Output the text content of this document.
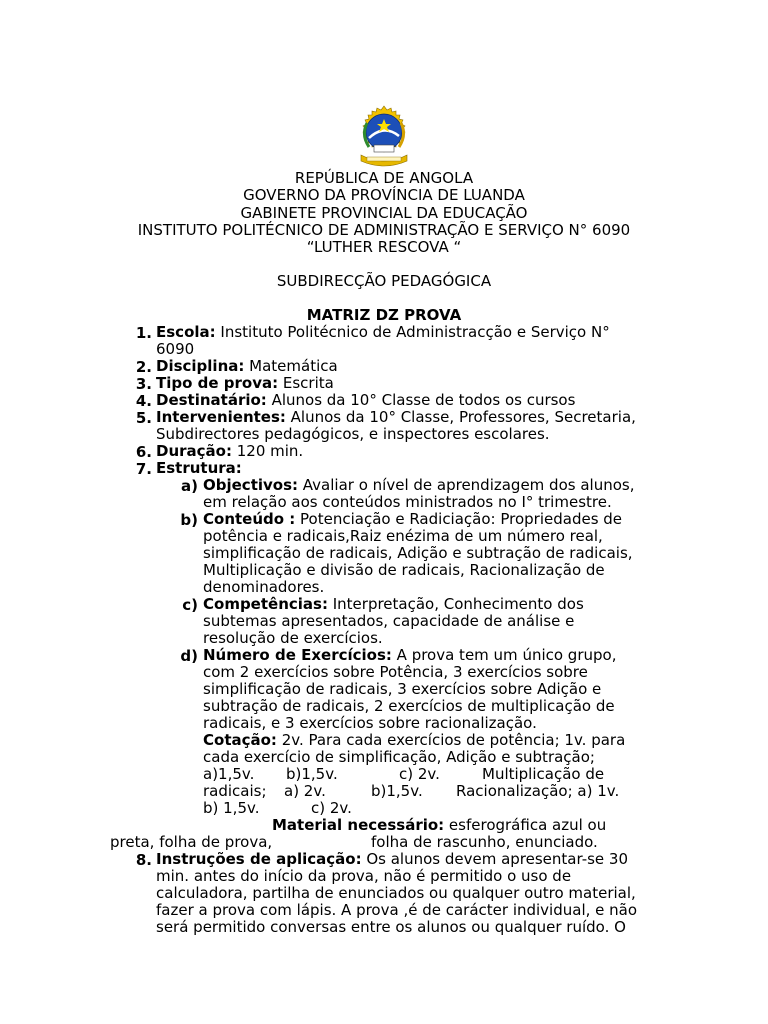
REPÚBLICA DE ANGOLA
GOVERNO DA PROVÍNCIA DE LUANDA
GABINETE PROVINCIAL DA EDUCAÇÃO
INSTITUTO POLITÉCNICO DE ADMINISTRAÇÃO E SERVIÇO N° 6090
“LUTHER RESCOVA “
SUBDIRECÇÃO PEDAGÓGICA
MATRIZ DZ PROVA
1. Escola: Instituto Politécnico de Administracção e Serviço N°
6090
2. Disciplina: Matemática
3. Tipo de prova: Escrita
4. Destinatário: Alunos da 10° Classe de todos os cursos
5. Intervenientes: Alunos da 10° Classe, Professores, Secretaria,
Subdirectores pedagógicos, e inspectores escolares.
6. Duração: 120 min.
7. Estrutura:
a) Objectivos: Avaliar o nível de aprendizagem dos alunos,
em relação aos conteúdos ministrados no I° trimestre.
b) Conteúdo : Potenciação e Radiciação: Propriedades de
potência e radicais,Raiz enézima de um número real,
simplificação de radicais, Adição e subtração de radicais,
Multiplicação e divisão de radicais, Racionalização de
denominadores.
c) Competências: Interpretação, Conhecimento dos
subtemas apresentados, capacidade de análise e
resolução de exercícios.
d) Número de Exercícios: A prova tem um único grupo,
com 2 exercícios sobre Potência, 3 exercícios sobre
simplificação de radicais, 3 exercícios sobre Adição e
subtração de radicais, 2 exercícios de multiplicação de
radicais, e 3 exercícios sobre racionalização.
Cotação: 2v. Para cada exercícios de potência; 1v. para
cada exercício de simplificação, Adição e subtração;
a)1,5v. b)1,5v.	c) 2v.	Multiplicação de
radicais; a) 2v.	b)1,5v. Racionalização; a) 1v.
b) 1,5v.	c) 2v.
Material necessário: esferográfica azul ou
preta, folha de prova,	folha de rascunho, enunciado.
8. Instruções de aplicação: Os alunos devem apresentar-se 30
min. antes do início da prova, não é permitido o uso de
calculadora, partilha de enunciados ou qualquer outro material,
fazer a prova com lápis. A prova ,é de carácter individual, e não
será permitido conversas entre os alunos ou qualquer ruído. O
